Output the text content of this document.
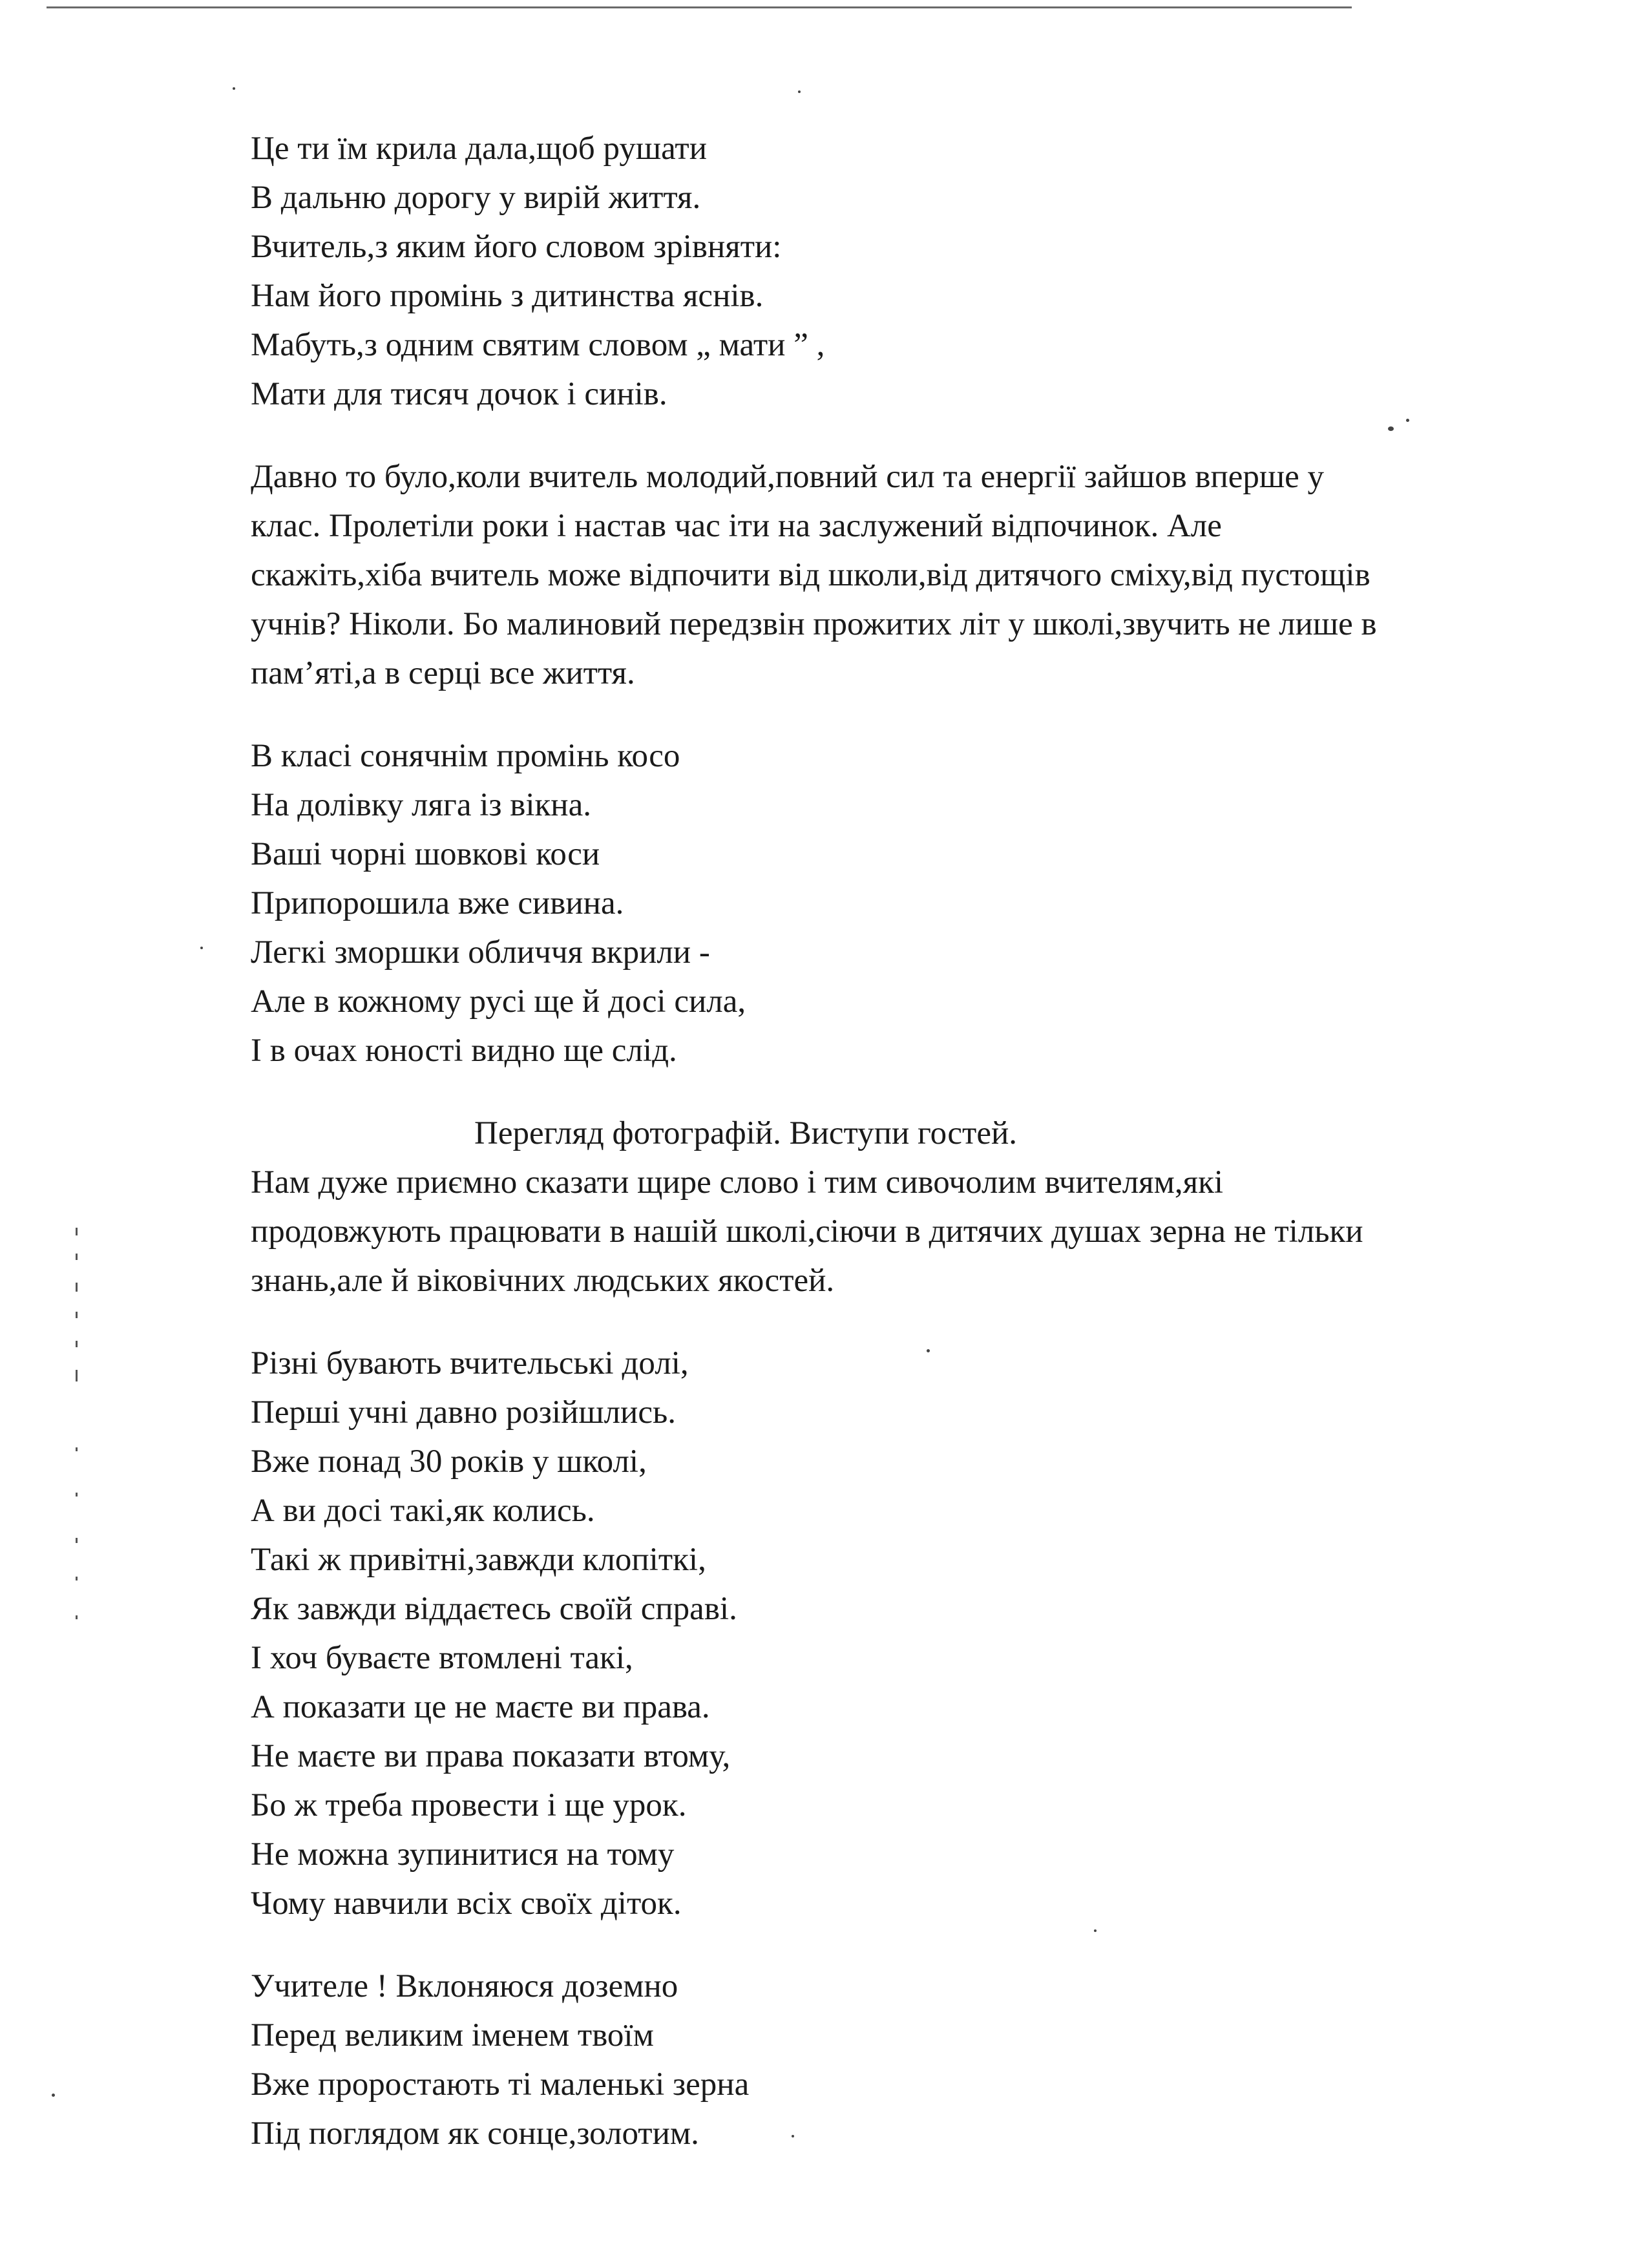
Це ти їм крила дала,щоб рушати
В дальню дорогу у вирій життя.
Вчитель,з яким його словом зрівняти:
Нам його промінь з дитинства яснів.
Мабуть,з одним святим словом „ мати ” ,
Мати для тисяч дочок і синів.
Давно то було,коли вчитель молодий,повний сил та енергії зайшов вперше у
клас. Пролетіли роки і настав час іти на заслужений відпочинок. Але
скажіть,хіба вчитель може відпочити від школи,від дитячого сміху,від пустощів
учнів? Ніколи. Бо малиновий передзвін прожитих літ у школі,звучить не лише в
пам’яті,а в серці все життя.
В класі сонячнім промінь косо
На долівку ляга із вікна.
Ваші чорні шовкові коси
Припорошила вже сивина.
Легкі зморшки обличчя вкрили -
Але в кожному русі ще й досі сила,
І в очах юності видно ще слід.
Перегляд фотографій. Виступи гостей.
Нам дуже приємно сказати щире слово і тим сивочолим вчителям,які
продовжують працювати в нашій школі,сіючи в дитячих душах зерна не тільки
знань,але й віковічних людських якостей.
Різні бувають вчительські долі,
Перші учні давно розійшлись.
Вже понад 30 років у школі,
А ви досі такі,як колись.
Такі ж привітні,завжди клопіткі,
Як завжди віддаєтесь своїй справі.
І хоч буваєте втомлені такі,
А показати це не маєте ви права.
Не маєте ви права показати втому,
Бо ж треба провести і ще урок.
Не можна зупинитися на тому
Чому навчили всіх своїх діток.
Учителе ! Вклоняюся доземно
Перед великим іменем твоїм
Вже проростають ті маленькі зерна
Під поглядом як сонце,золотим.
